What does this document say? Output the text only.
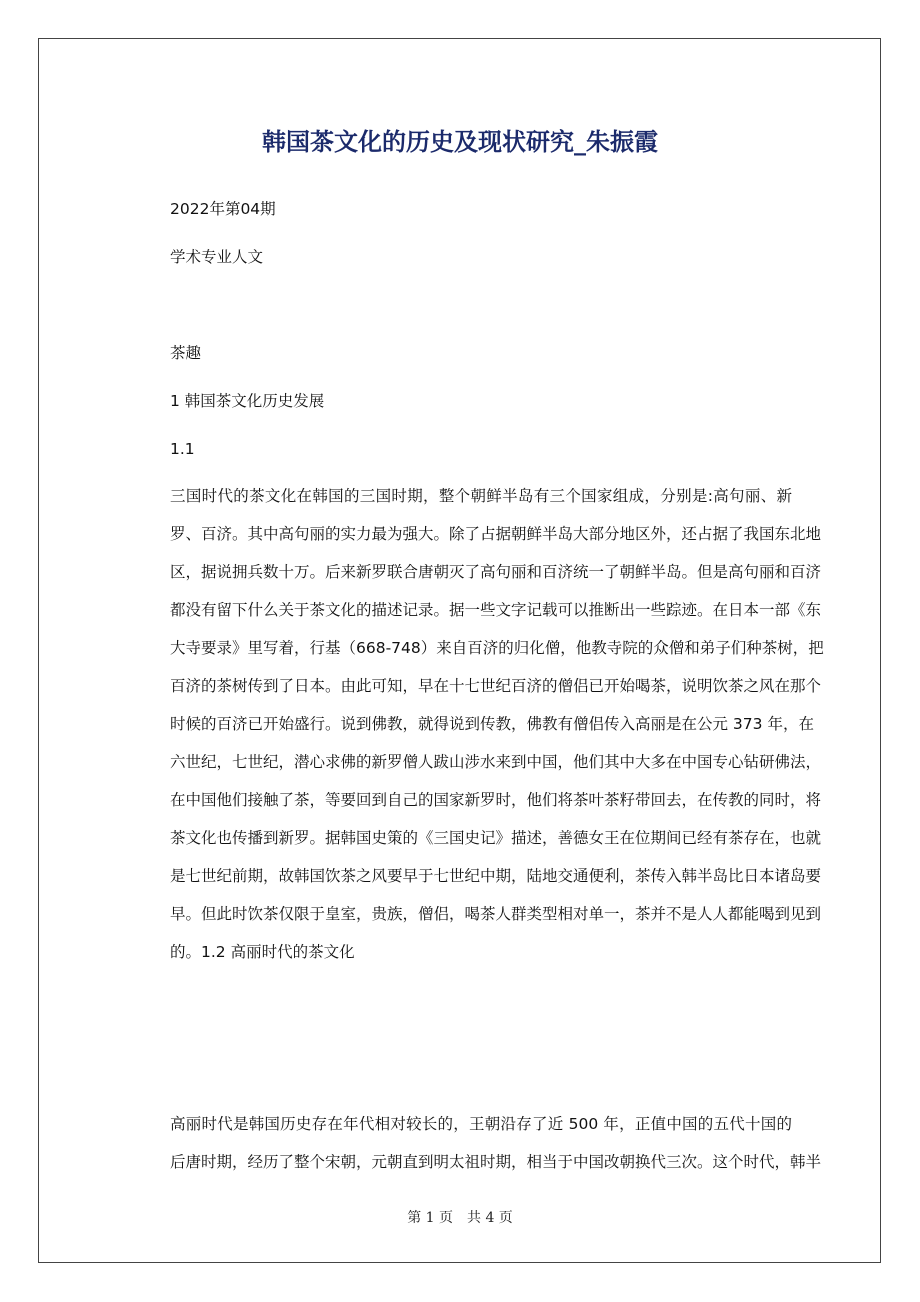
韩国茶文化的历史及现状研究_朱振霞
2022年第04期
学术专业人文
茶趣
1 韩国茶文化历史发展
1.1
三国时代的茶文化在韩国的三国时期，整个朝鲜半岛有三个国家组成，分别是:高句丽、新
罗、百济。其中高句丽的实力最为强大。除了占据朝鲜半岛大部分地区外，还占据了我国东北地
区，据说拥兵数十万。后来新罗联合唐朝灭了高句丽和百济统一了朝鲜半岛。但是高句丽和百济
都没有留下什么关于茶文化的描述记录。据一些文字记载可以推断出一些踪迹。在日本一部《东
大寺要录》里写着，行基（668-748）来自百济的归化僧，他教寺院的众僧和弟子们种茶树，把
百济的茶树传到了日本。由此可知，早在十七世纪百济的僧侣已开始喝茶，说明饮茶之风在那个
时候的百济已开始盛行。说到佛教，就得说到传教，佛教有僧侣传入高丽是在公元 373 年，在
六世纪，七世纪，潜心求佛的新罗僧人跋山涉水来到中国，他们其中大多在中国专心钻研佛法，
在中国他们接触了茶，等要回到自己的国家新罗时，他们将茶叶茶籽带回去，在传教的同时，将
茶文化也传播到新罗。据韩国史策的《三国史记》描述，善德女王在位期间已经有茶存在，也就
是七世纪前期，故韩国饮茶之风要早于七世纪中期，陆地交通便利，茶传入韩半岛比日本诸岛要
早。但此时饮茶仅限于皇室，贵族，僧侣，喝茶人群类型相对单一，茶并不是人人都能喝到见到
的。1.2 高丽时代的茶文化
高丽时代是韩国历史存在年代相对较长的，王朝沿存了近 500 年，正值中国的五代十国的
后唐时期，经历了整个宋朝，元朝直到明太祖时期，相当于中国改朝换代三次。这个时代，韩半
第 1 页　共 4 页
